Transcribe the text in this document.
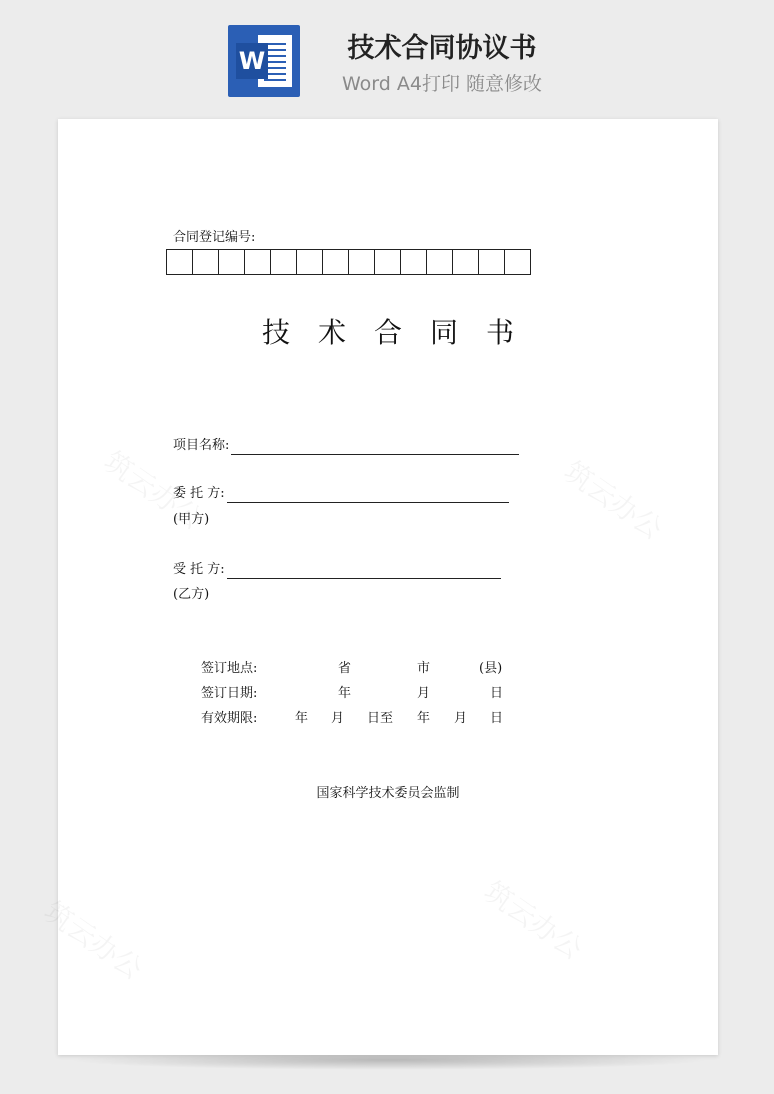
W	技术合同协议书
Word A4打印 随意修改
合同登记编号:
技术合同书
项目名称:
委 托 方:
(甲方)
受 托 方:
(乙方)
签订地点:	省	市	(县)
签订日期:	年	月	日
有效期限:	年 月 日至 年 月 日
国家科学技术委员会监制
